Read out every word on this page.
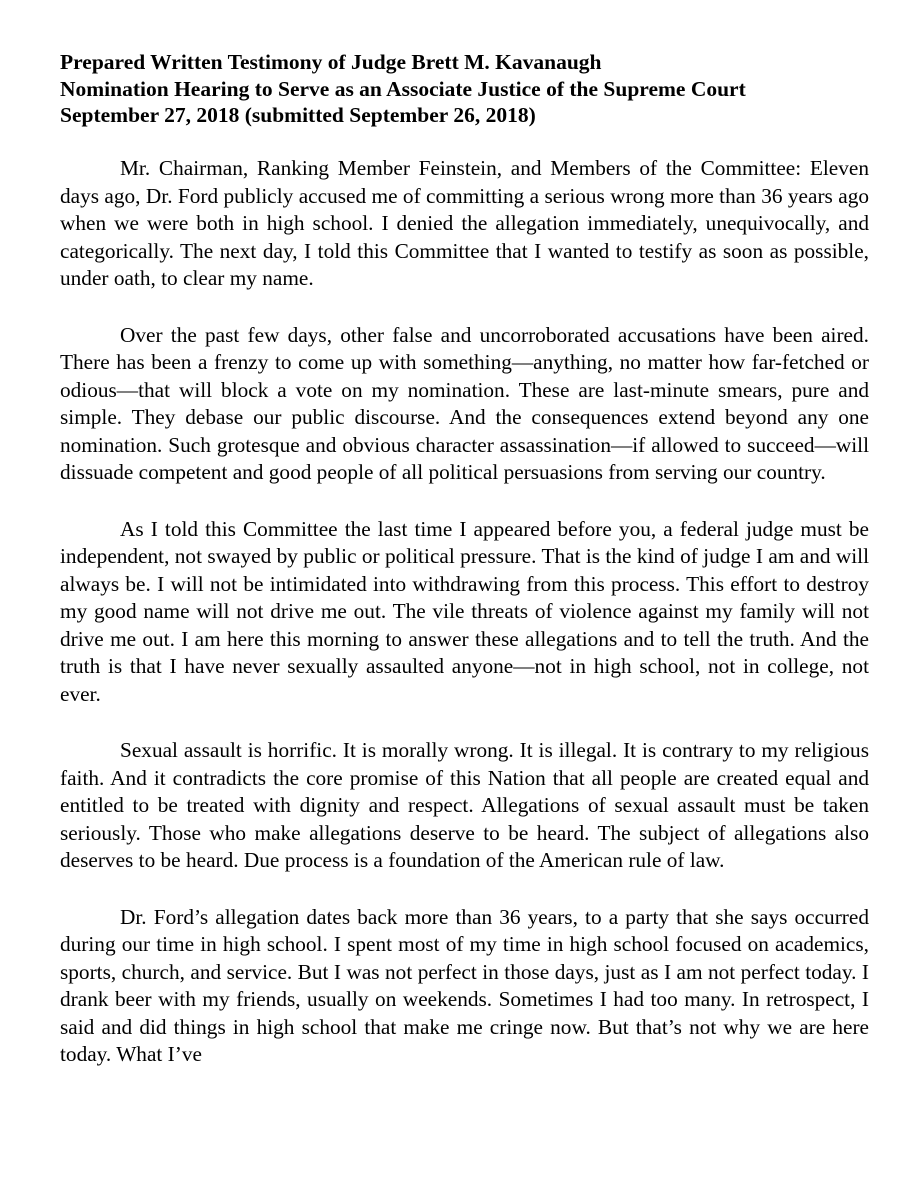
Prepared Written Testimony of Judge Brett M. Kavanaugh
Nomination Hearing to Serve as an Associate Justice of the Supreme Court
September 27, 2018 (submitted September 26, 2018)

Mr. Chairman, Ranking Member Feinstein, and Members of the Committee: Eleven days ago, Dr. Ford publicly accused me of committing a serious wrong more than 36 years ago when we were both in high school. I denied the allegation immediately, unequivocally, and categorically. The next day, I told this Committee that I wanted to testify as soon as possible, under oath, to clear my name.

Over the past few days, other false and uncorroborated accusations have been aired. There has been a frenzy to come up with something—anything, no matter how far-fetched or odious—that will block a vote on my nomination. These are last-minute smears, pure and simple. They debase our public discourse. And the consequences extend beyond any one nomination. Such grotesque and obvious character assassination—if allowed to succeed—will dissuade competent and good people of all political persuasions from serving our country.

As I told this Committee the last time I appeared before you, a federal judge must be independent, not swayed by public or political pressure. That is the kind of judge I am and will always be. I will not be intimidated into withdrawing from this process. This effort to destroy my good name will not drive me out. The vile threats of violence against my family will not drive me out. I am here this morning to answer these allegations and to tell the truth. And the truth is that I have never sexually assaulted anyone—not in high school, not in college, not ever.

Sexual assault is horrific. It is morally wrong. It is illegal. It is contrary to my religious faith. And it contradicts the core promise of this Nation that all people are created equal and entitled to be treated with dignity and respect. Allegations of sexual assault must be taken seriously. Those who make allegations deserve to be heard. The subject of allegations also deserves to be heard. Due process is a foundation of the American rule of law.

Dr. Ford’s allegation dates back more than 36 years, to a party that she says occurred during our time in high school. I spent most of my time in high school focused on academics, sports, church, and service. But I was not perfect in those days, just as I am not perfect today. I drank beer with my friends, usually on weekends. Sometimes I had too many. In retrospect, I said and did things in high school that make me cringe now. But that’s not why we are here today. What I’ve
